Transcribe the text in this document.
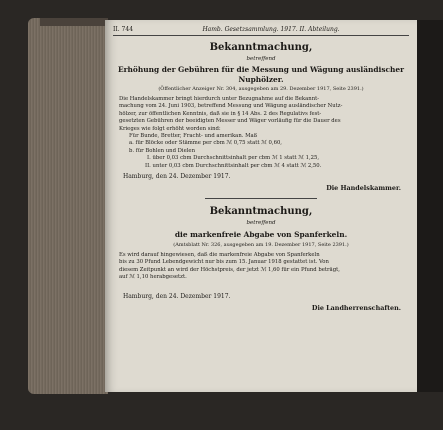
II. 744	Hamb. Gesetzsammlung. 1917. II. Abteilung.
Bekanntmachung,
betreffend
Erhöhung der Gebühren für die Messung und Wägung ausländischer
Nuphölzer.
(Öffentlicher Anzeiger Nr. 304, ausgegeben am 29. Dezember 1917, Seite 2391.)
Die Handelskammer bringt hierdurch unter Bezugnahme auf die Bekannt-
machung vom 24. Juni 1903, betreffend Messung und Wägung ausländischer Nutz-
hölzer, zur öffentlichen Kenntnis, daß sie in § 14 Abs. 2 des Regulativs fest-
gesetzten Gebühren der beeidigten Messer und Wäger vorläufig für die Dauer des
Krieges wie folgt erhöht worden sind:
Für Bunde, Bretter, Fracht- und amerikan. Maß
a. für Blöcke oder Stämme per cbm ℳ 0,75 statt ℳ 0,60,
b. für Bohlen und Dielen
I. über 0,03 cbm Durchschnittsinhalt per cbm ℳ 1 statt ℳ 1,25,
II. unter 0,03 cbm Durchschnittsinhalt per cbm ℳ 4 statt ℳ 2,50.
Hamburg, den 24. Dezember 1917.
Die Handelskammer.
Bekanntmachung,
betreffend
die markenfreie Abgabe von Spanferkeln.
(Amtsblatt Nr. 326, ausgegeben am 19. Dezember 1917, Seite 2391.)
Es wird darauf hingewiesen, daß die markenfreie Abgabe von Spanferkeln
bis zu 30 Pfund Lebendgewicht nur bis zum 15. Januar 1918 gestattet ist. Von
diesem Zeitpunkt an wird der Höchstpreis, der jetzt ℳ 1,60 für ein Pfund beträgt,
auf ℳ 1,10 herabgesetzt.
Hamburg, den 24. Dezember 1917.
Die Landherrenschaften.
